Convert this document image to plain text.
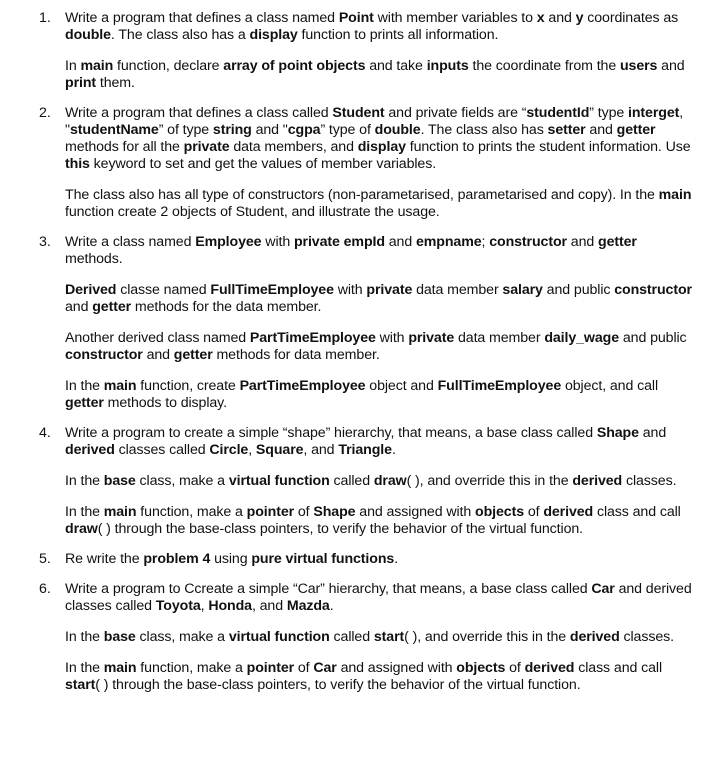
1. Write a program that defines a class named Point with member variables to x and y coordinates as double. The class also has a display function to prints all information.

In main function, declare array of point objects and take inputs the coordinate from the users and print them.

2. Write a program that defines a class called Student and private fields are “studentId” type interget, "studentName” of type string and "cgpa” type of double. The class also has setter and getter methods for all the private data members, and display function to prints the student information. Use this keyword to set and get the values of member variables.

The class also has all type of constructors (non-parametarised, parametarised and copy). In the main function create 2 objects of Student, and illustrate the usage.

3. Write a class named Employee with private empId and empname; constructor and getter methods.

Derived classe named FullTimeEmployee with private data member salary and public constructor and getter methods for the data member.

Another derived class named PartTimeEmployee with private data member daily_wage and public constructor and getter methods for data member.

In the main function, create PartTimeEmployee object and FullTimeEmployee object, and call getter methods to display.

4. Write a program to create a simple “shape” hierarchy, that means, a base class called Shape and derived classes called Circle, Square, and Triangle.

In the base class, make a virtual function called draw( ), and override this in the derived classes.

In the main function, make a pointer of Shape and assigned with objects of derived class and call draw( ) through the base-class pointers, to verify the behavior of the virtual function.

5. Re write the problem 4 using pure virtual functions.

6. Write a program to Ccreate a simple “Car” hierarchy, that means, a base class called Car and derived classes called Toyota, Honda, and Mazda.

In the base class, make a virtual function called start( ), and override this in the derived classes.

In the main function, make a pointer of Car and assigned with objects of derived class and call start( ) through the base-class pointers, to verify the behavior of the virtual function.
